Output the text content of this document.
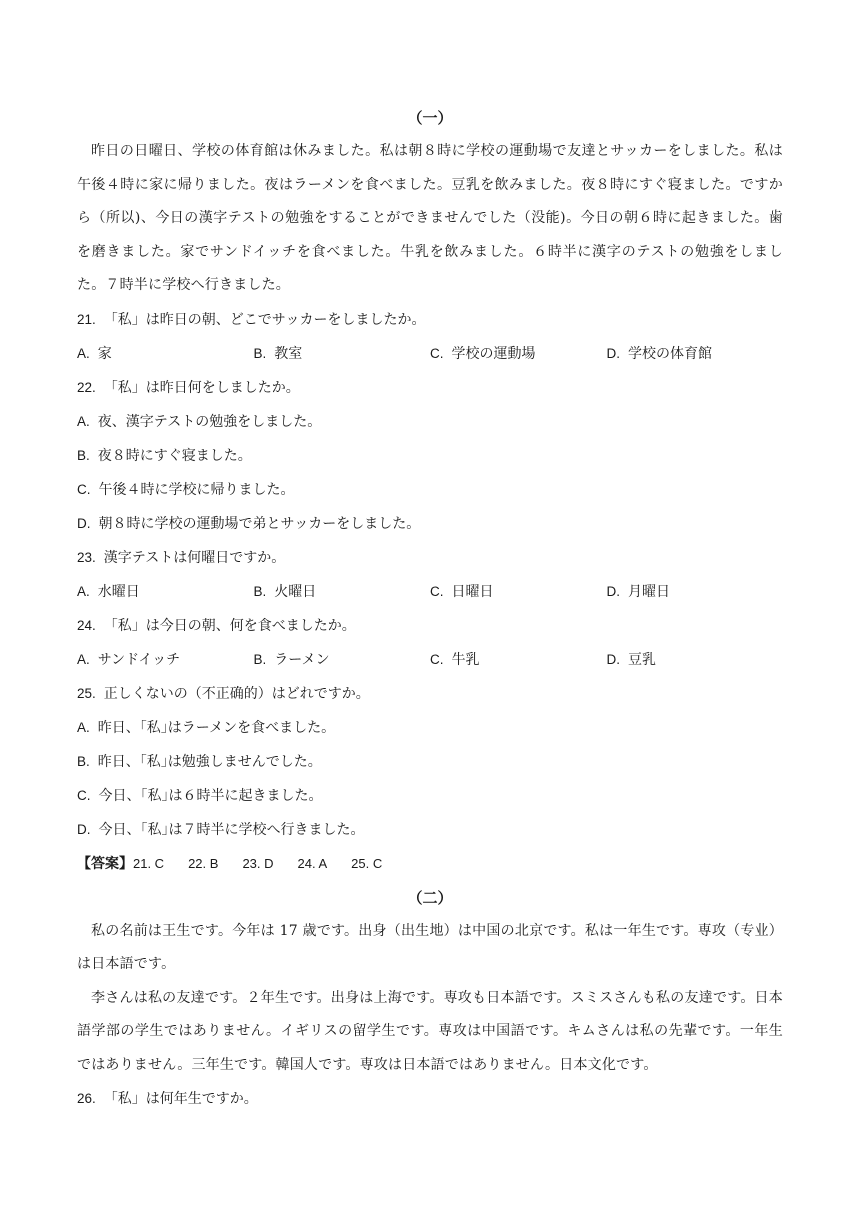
（一）

昨日の日曜日、学校の体育館は休みました。私は朝８時に学校の運動場で友達とサッカーをしました。私は午後４時に家に帰りました。夜はラーメンを食べました。豆乳を飲みました。夜８時にすぐ寝ました。ですから（所以)、今日の漢字テストの勉強をすることができませんでした（没能)。今日の朝６時に起きました。歯を磨きました。家でサンドイッチを食べました。牛乳を飲みました。６時半に漢字のテストの勉強をしました。７時半に学校へ行きました。

21. 「私」は昨日の朝、どこでサッカーをしましたか。
A. 家	B. 教室	C. 学校の運動場	D. 学校の体育館
22. 「私」は昨日何をしましたか。
A. 夜、漢字テストの勉強をしました。
B. 夜８時にすぐ寝ました。
C. 午後４時に学校に帰りました。
D. 朝８時に学校の運動場で弟とサッカーをしました。
23. 漢字テストは何曜日ですか。
A. 水曜日	B. 火曜日	C. 日曜日	D. 月曜日
24. 「私」は今日の朝、何を食べましたか。
A. サンドイッチ	B. ラーメン	C. 牛乳	D. 豆乳
25. 正しくないの（不正确的）はどれですか。
A. 昨日、｢私｣はラーメンを食べました。
B. 昨日、｢私｣は勉強しませんでした。
C. 今日、｢私｣は６時半に起きました。
D. 今日、｢私｣は７時半に学校へ行きました。
【答案】21. C 22. B 23. D 24. A 25. C
（二）

私の名前は王生です。今年は 17 歳です。出身（出生地）は中国の北京です。私は一年生です。専攻（专业）は日本語です。

李さんは私の友達です。２年生です。出身は上海です。専攻も日本語です。スミスさんも私の友達です。日本語学部の学生ではありません。イギリスの留学生です。専攻は中国語です。キムさんは私の先輩です。一年生ではありません。三年生です。韓国人です。専攻は日本語ではありません。日本文化です。

26. 「私」は何年生ですか。
